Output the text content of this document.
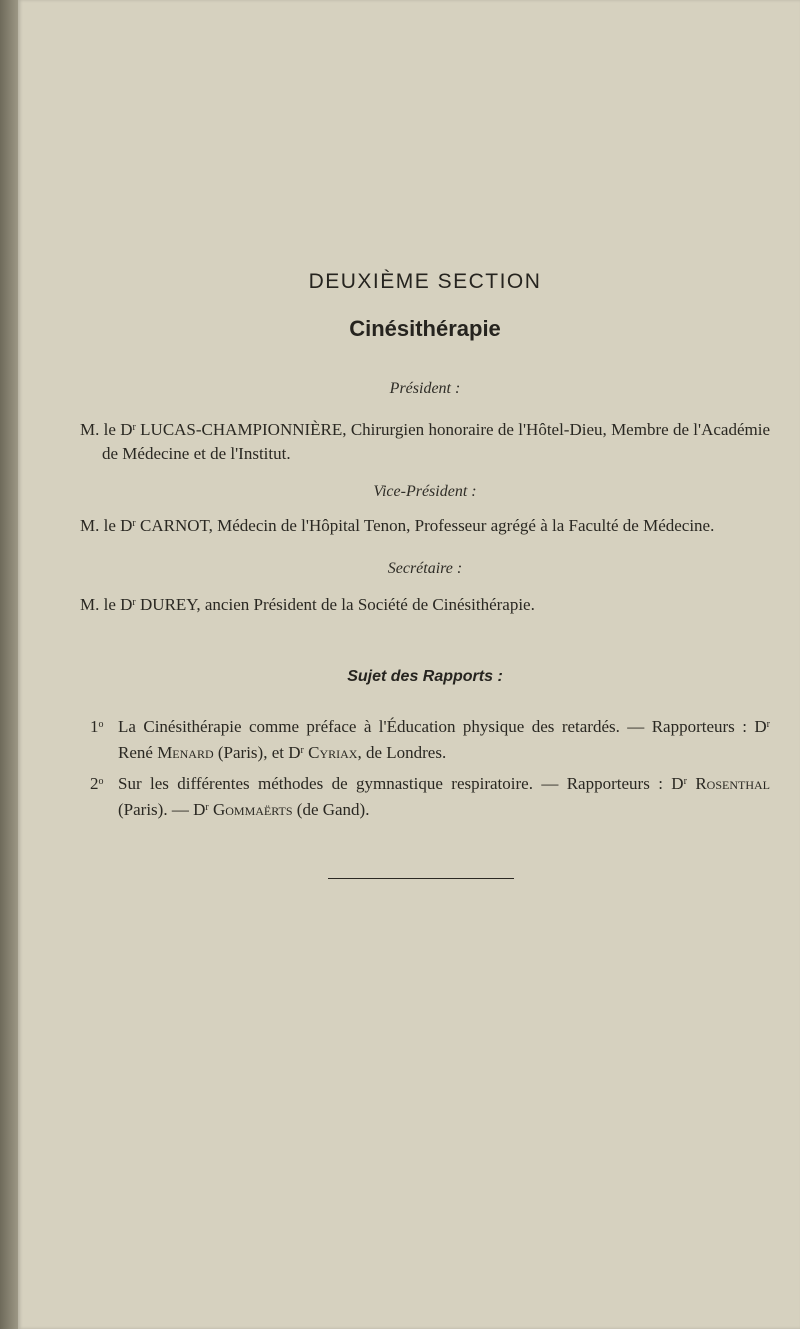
DEUXIÈME SECTION
Cinésithérapie
Président :
M. le $D^r$ LUCAS-CHAMPIONNIÈRE, Chirurgien honoraire de l'Hôtel-Dieu, Membre de l'Académie de Médecine et de l'Institut.
Vice-Président :
M. le $D^r$ CARNOT, Médecin de l'Hôpital Tenon, Professeur agrégé à la Faculté de Médecine.
Secrétaire :
M. le $D^r$ DUREY, ancien Président de la Société de Cinésithérapie.
Sujet des Rapports :
1$^o$ La Cinésithérapie comme préface à l'Éducation physique des retardés. — Rapporteurs : $D^r$ René Menard (Paris), et $D^r$ Cyriax, de Londres.
2$^o$ Sur les différentes méthodes de gymnastique respiratoire. — Rapporteurs : $D^r$ Rosenthal (Paris). — $D^r$ Gommaërts (de Gand).
